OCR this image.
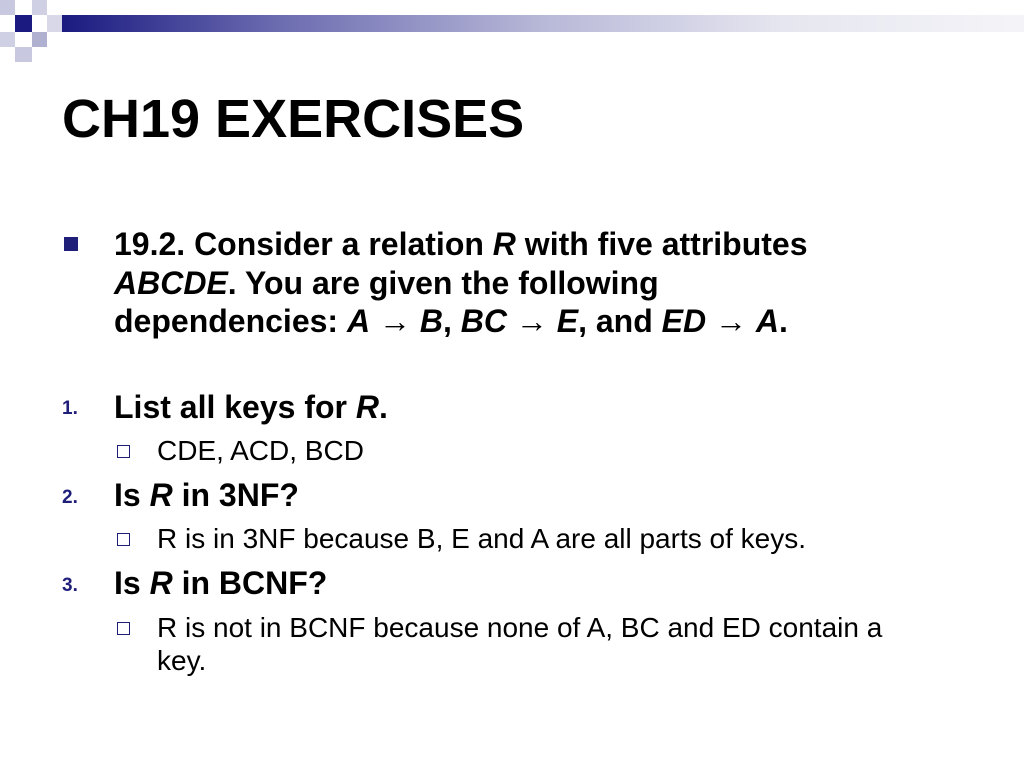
CH19 EXERCISES
19.2. Consider a relation R with five attributes ABCDE. You are given the following dependencies: A → B, BC → E, and ED → A.
1. List all keys for R.
CDE, ACD, BCD
2. Is R in 3NF?
R is in 3NF because B, E and A are all parts of keys.
3. Is R in BCNF?
R is not in BCNF because none of A, BC and ED contain a key.
